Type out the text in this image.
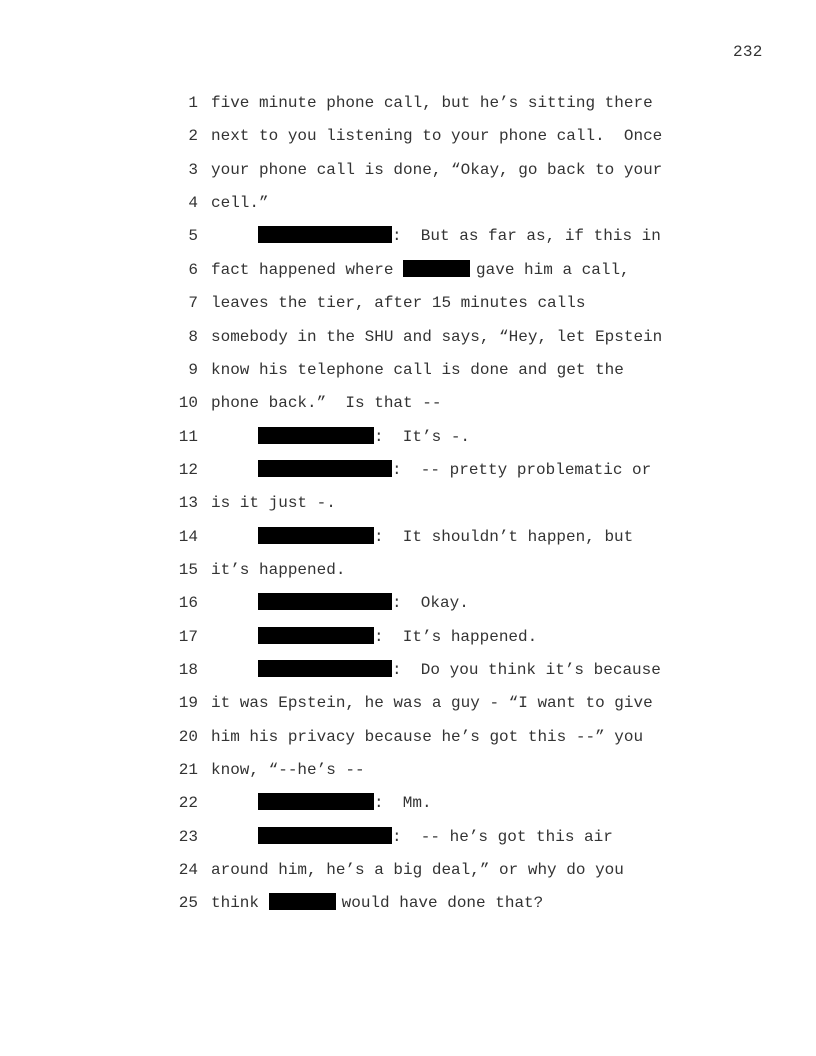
232
1 five minute phone call, but he’s sitting there
2 next to you listening to your phone call.  Once
3 your phone call is done, “Okay, go back to your
4 cell.”
5	:  But as far as, if this in
6 fact happened where	gave him a call,
7 leaves the tier, after 15 minutes calls
8 somebody in the SHU and says, “Hey, let Epstein
9 know his telephone call is done and get the
10 phone back.”  Is that --
11	:  It’s -.
12	:  -- pretty problematic or
13 is it just -.
14	:  It shouldn’t happen, but
15 it’s happened.
16	:  Okay.
17	:  It’s happened.
18	:  Do you think it’s because
19 it was Epstein, he was a guy - “I want to give
20 him his privacy because he’s got this --” you
21 know, “--he’s --
22	:  Mm.
23	:  -- he’s got this air
24 around him, he’s a big deal,” or why do you
25 think	would have done that?
